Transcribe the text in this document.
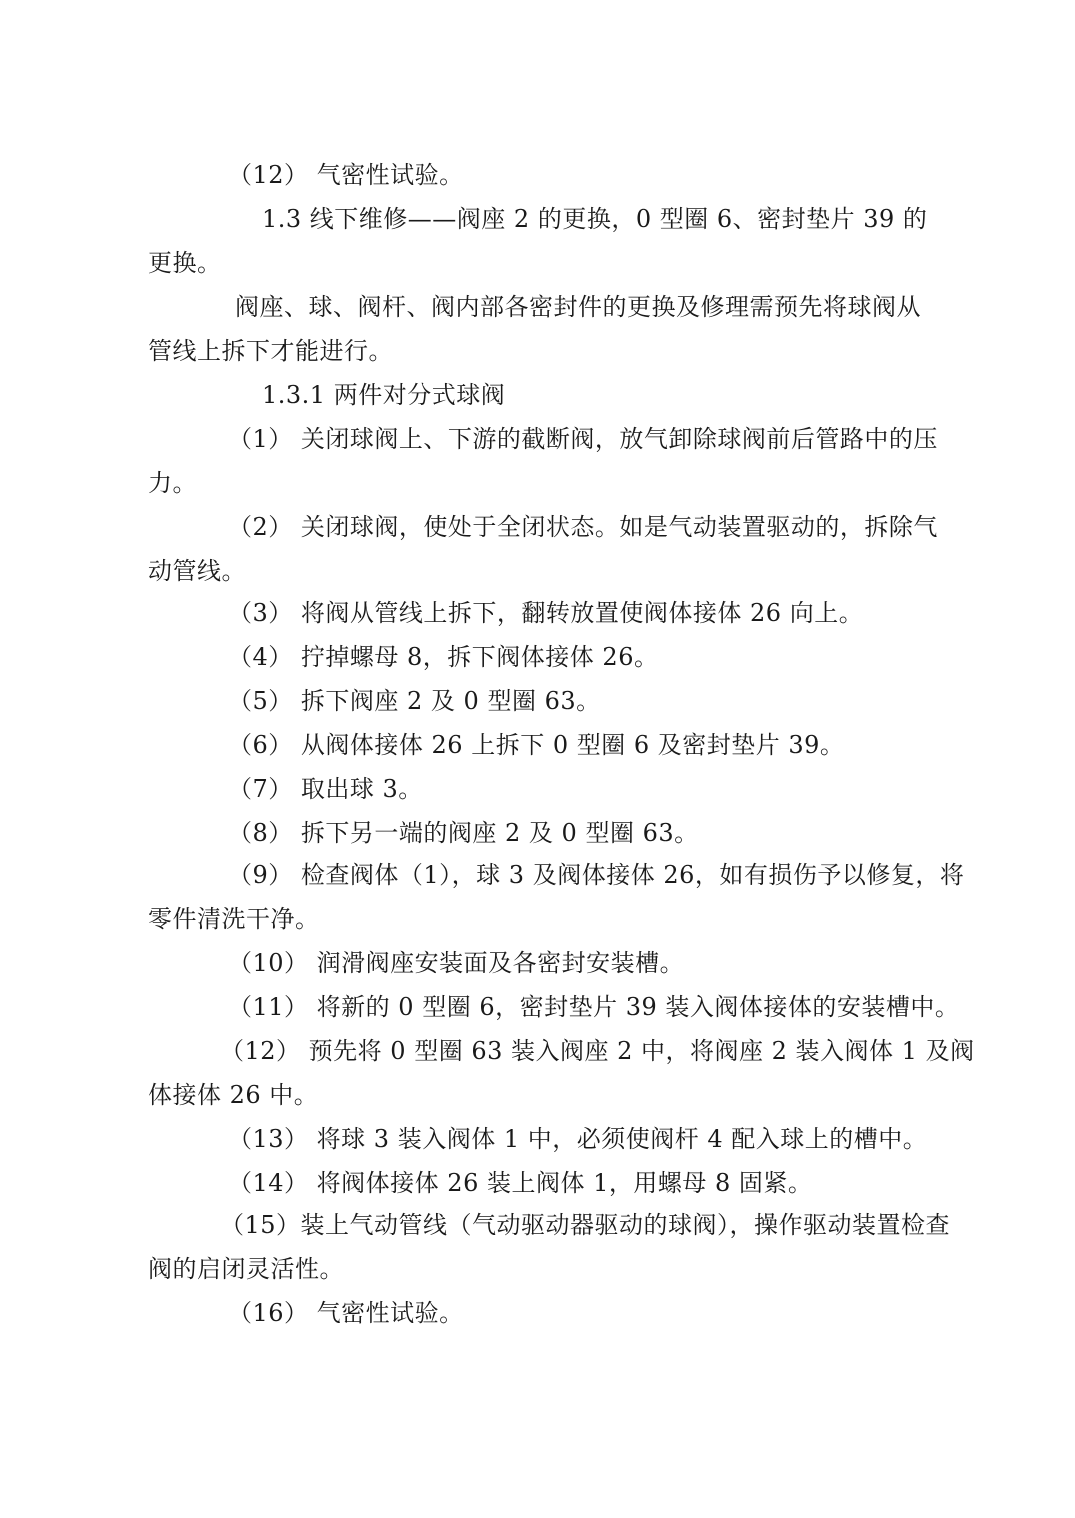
（12） 气密性试验。
1.3 线下维修——阀座 2 的更换，0 型圈 6、密封垫片 39 的
更换。
阀座、球、阀杆、阀内部各密封件的更换及修理需预先将球阀从
管线上拆下才能进行。
1.3.1 两件对分式球阀
（1） 关闭球阀上、下游的截断阀，放气卸除球阀前后管路中的压
力。
（2） 关闭球阀，使处于全闭状态。如是气动装置驱动的，拆除气
动管线。
（3） 将阀从管线上拆下，翻转放置使阀体接体 26 向上。
（4） 拧掉螺母 8，拆下阀体接体 26。
（5） 拆下阀座 2 及 0 型圈 63。
（6） 从阀体接体 26 上拆下 0 型圈 6 及密封垫片 39。
（7） 取出球 3。
（8） 拆下另一端的阀座 2 及 0 型圈 63。
（9） 检查阀体（1），球 3 及阀体接体 26，如有损伤予以修复，将
零件清洗干净。
（10） 润滑阀座安装面及各密封安装槽。
（11） 将新的 0 型圈 6，密封垫片 39 装入阀体接体的安装槽中。
（12） 预先将 0 型圈 63 装入阀座 2 中，将阀座 2 装入阀体 1 及阀
体接体 26 中。
（13） 将球 3 装入阀体 1 中，必须使阀杆 4 配入球上的槽中。
（14） 将阀体接体 26 装上阀体 1，用螺母 8 固紧。
（15）装上气动管线（气动驱动器驱动的球阀），操作驱动装置检查
阀的启闭灵活性。
（16） 气密性试验。
